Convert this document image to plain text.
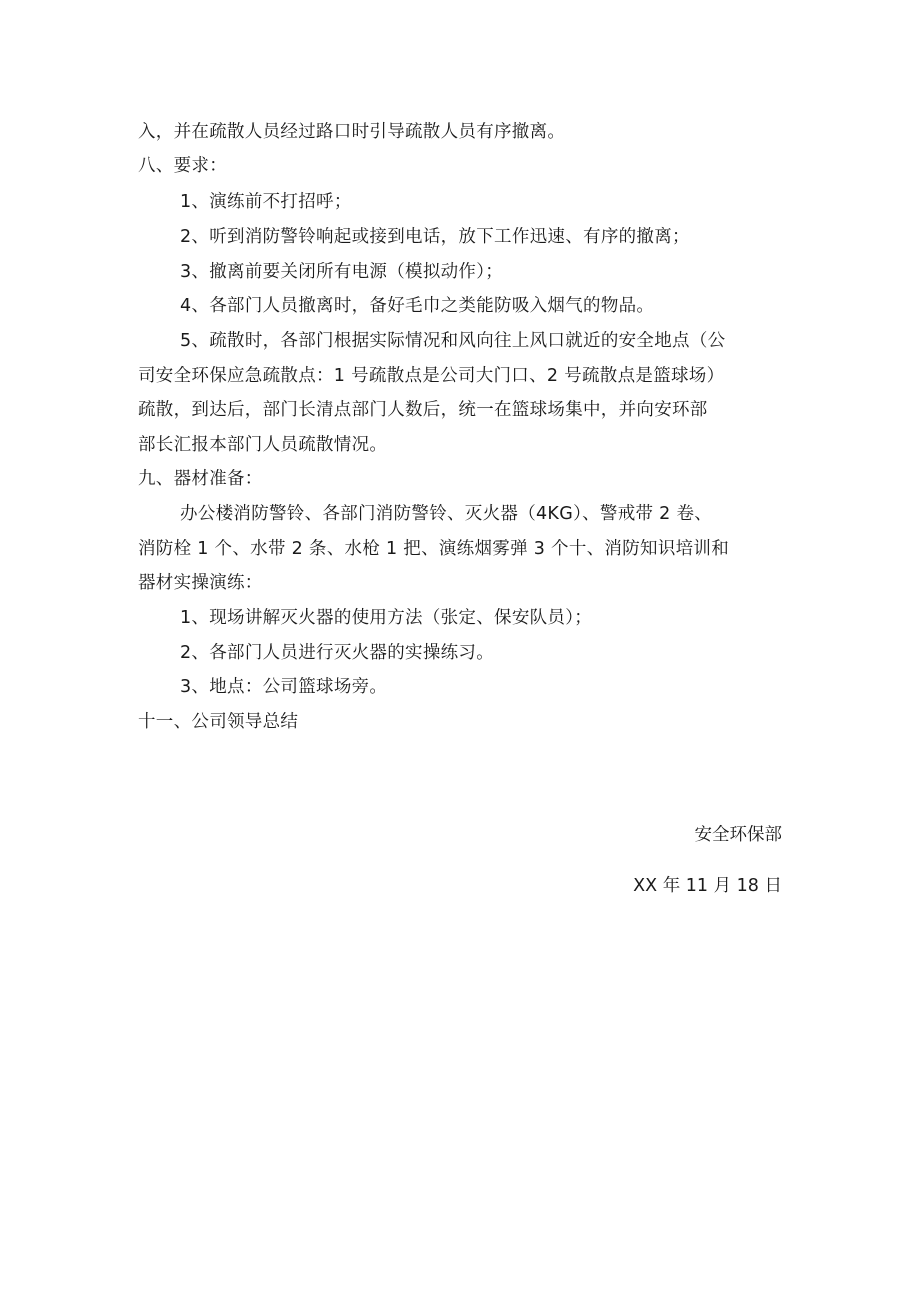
入，并在疏散人员经过路口时引导疏散人员有序撤离。
八、要求：
1、演练前不打招呼；
2、听到消防警铃响起或接到电话，放下工作迅速、有序的撤离；
3、撤离前要关闭所有电源（模拟动作）；
4、各部门人员撤离时，备好毛巾之类能防吸入烟气的物品。
5、疏散时，各部门根据实际情况和风向往上风口就近的安全地点（公
司安全环保应急疏散点：1 号疏散点是公司大门口、2 号疏散点是篮球场）
疏散，到达后，部门长清点部门人数后，统一在篮球场集中，并向安环部
部长汇报本部门人员疏散情况。
九、器材准备：
办公楼消防警铃、各部门消防警铃、灭火器（4KG）、警戒带 2 卷、
消防栓 1 个、水带 2 条、水枪 1 把、演练烟雾弹 3 个十、消防知识培训和
器材实操演练：
1、现场讲解灭火器的使用方法（张定、保安队员）；
2、各部门人员进行灭火器的实操练习。
3、地点：公司篮球场旁。
十一、公司领导总结
安全环保部
XX 年 11 月 18 日
